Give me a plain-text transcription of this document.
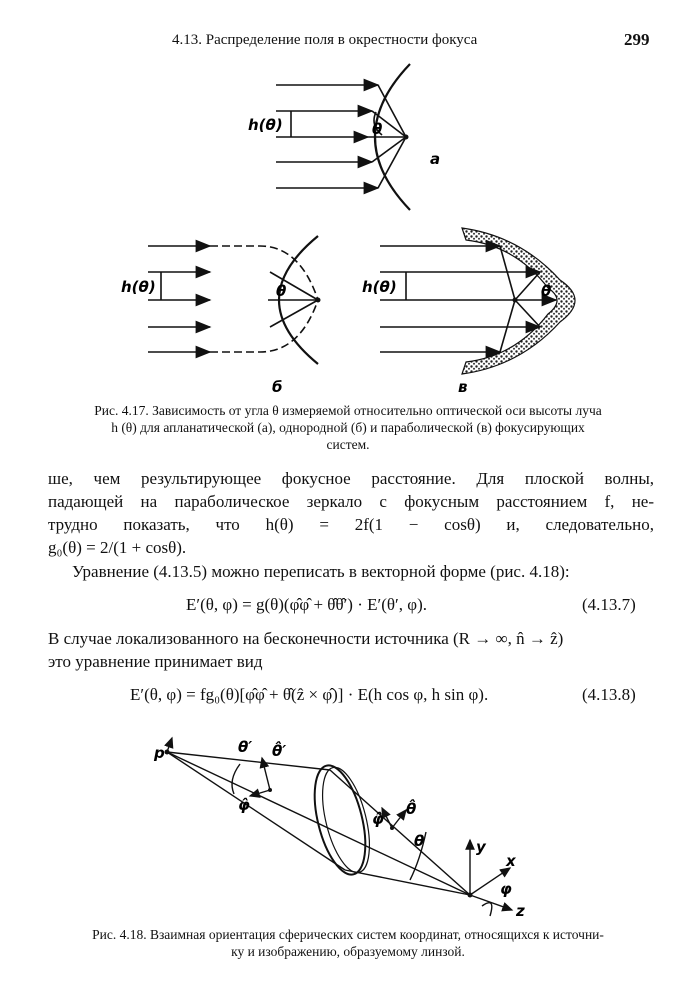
4.13. Распределение поля в окрестности фокуса	299
h(θ)	θ
a
h(θ)	θ
б
h(θ)	θ
в
Рис. 4.17. Зависимость от угла θ измеряемой относительно оптической оси высоты луча
h (θ) для апланатической (a), однородной (б) и параболической (в) фокусирующих
систем.
ше, чем результирующее фокусное расстояние. Для плоской волны,
падающей на параболическое зеркало с фокусным расстоянием f, не-
трудно показать, что h(θ) = 2f(1 − cosθ) и, следовательно,
g₀(θ) = 2/(1 + cosθ).
Уравнение (4.13.5) можно переписать в векторной форме (рис. 4.18):
E′(θ, φ) = g(θ)(φ̂φ̂ + θ̂θ̂′) · E′(θ′, φ).	(4.13.7)
В случае локализованного на бесконечности источника (R → ∞, n̂ → ẑ)
это уравнение принимает вид
E′(θ, φ) = fg₀(θ)[φ̂φ̂ + θ̂(ẑ × φ̂)] · E(h cos φ, h sin φ).	(4.13.8)
p	θ′ θ̂′
φ̂
φ̂
θ̂
θ	y
x
φ
z
Рис. 4.18. Взаимная ориентация сферических систем координат, относящихся к источни-
ку и изображению, образуемому линзой.
